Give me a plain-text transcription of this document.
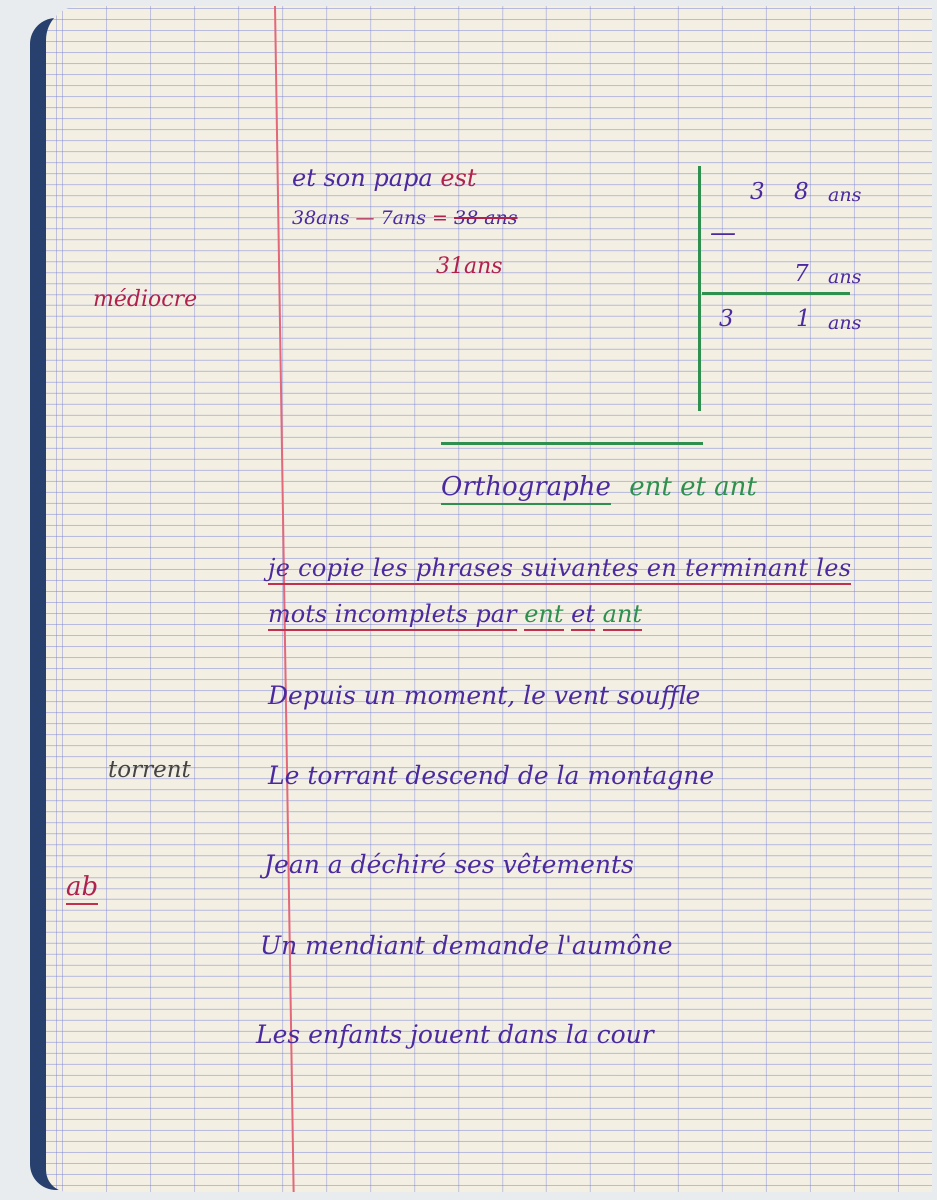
et son papa est
38ans — 7ans = 38 ans
31ans
médiocre
3 8 ans
—
7 ans
3	1 ans
Orthographe ent et ant
je copie les phrases suivantes en terminant les
mots incomplets par ent et ant
Depuis un moment, le vent souffle
Le torrant descend de la montagne
Jean a déchiré ses vêtements
Un mendiant demande l'aumône
Les enfants jouent dans la cour
torrent
ab
